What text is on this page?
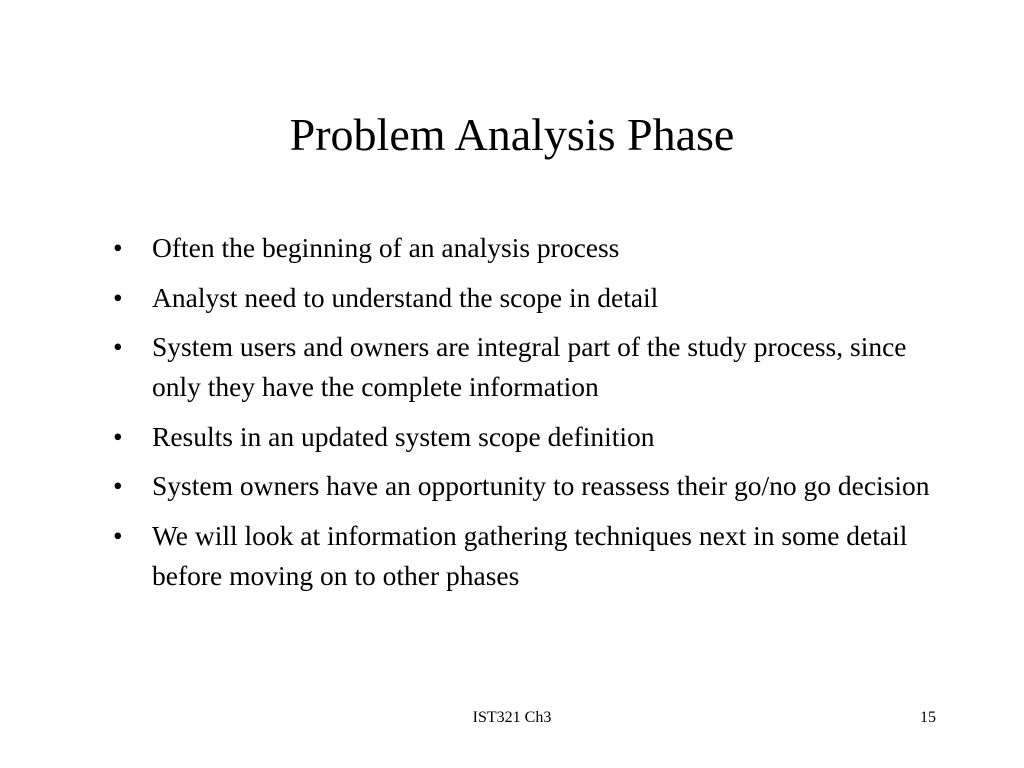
Problem Analysis Phase
•	Often the beginning of an analysis process
•	Analyst need to understand the scope in detail
•	System users and owners are integral part of the study process, since only they have the complete information
•	Results in an updated system scope definition
•	System owners have an opportunity to reassess their go/no go decision
•	We will look at information gathering techniques next in some detail before moving on to other phases
IST321 Ch3	15
